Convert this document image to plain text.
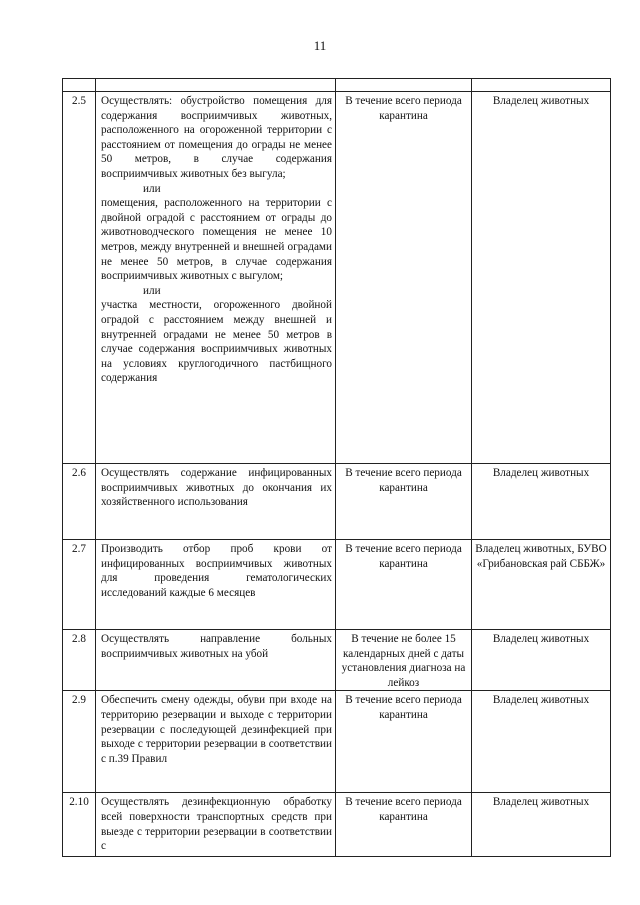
11

2.5	Осуществлять: обустройство помещения для содержания восприимчивых животных, расположенного на огороженной территории с расстоянием от помещения до ограды не менее 50 метров, в случае содержания восприимчивых животных без выгула;
или
помещения, расположенного на территории с двойной оградой с расстоянием от ограды до животноводческого помещения не менее 10 метров, между внутренней и внешней оградами не менее 50 метров, в случае содержания восприимчивых животных с выгулом;
или
участка местности, огороженного двойной оградой с расстоянием между внешней и внутренней оградами не менее 50 метров в случае содержания восприимчивых животных на условиях круглогодичного пастбищного содержания	В течение всего периода карантина	Владелец животных
2.6	Осуществлять содержание инфицированных восприимчивых животных до окончания их хозяйственного использования	В течение всего периода карантина	Владелец животных
2.7	Производить отбор проб крови от инфицированных восприимчивых животных для проведения гематологических исследований каждые 6 месяцев	В течение всего периода карантина	Владелец животных, БУВО «Грибановская рай СББЖ»
2.8	Осуществлять направление больных восприимчивых животных на убой	В течение не более 15 календарных дней с даты установления диагноза на лейкоз	Владелец животных
2.9	Обеспечить смену одежды, обуви при входе на территорию резервации и выходе с территории резервации с последующей дезинфекцией при выходе с территории резервации в соответствии с п.39 Правил	В течение всего периода карантина	Владелец животных
2.10	Осуществлять дезинфекционную обработку всей поверхности транспортных средств при выезде с территории резервации в соответствии с	В течение всего периода карантина	Владелец животных
